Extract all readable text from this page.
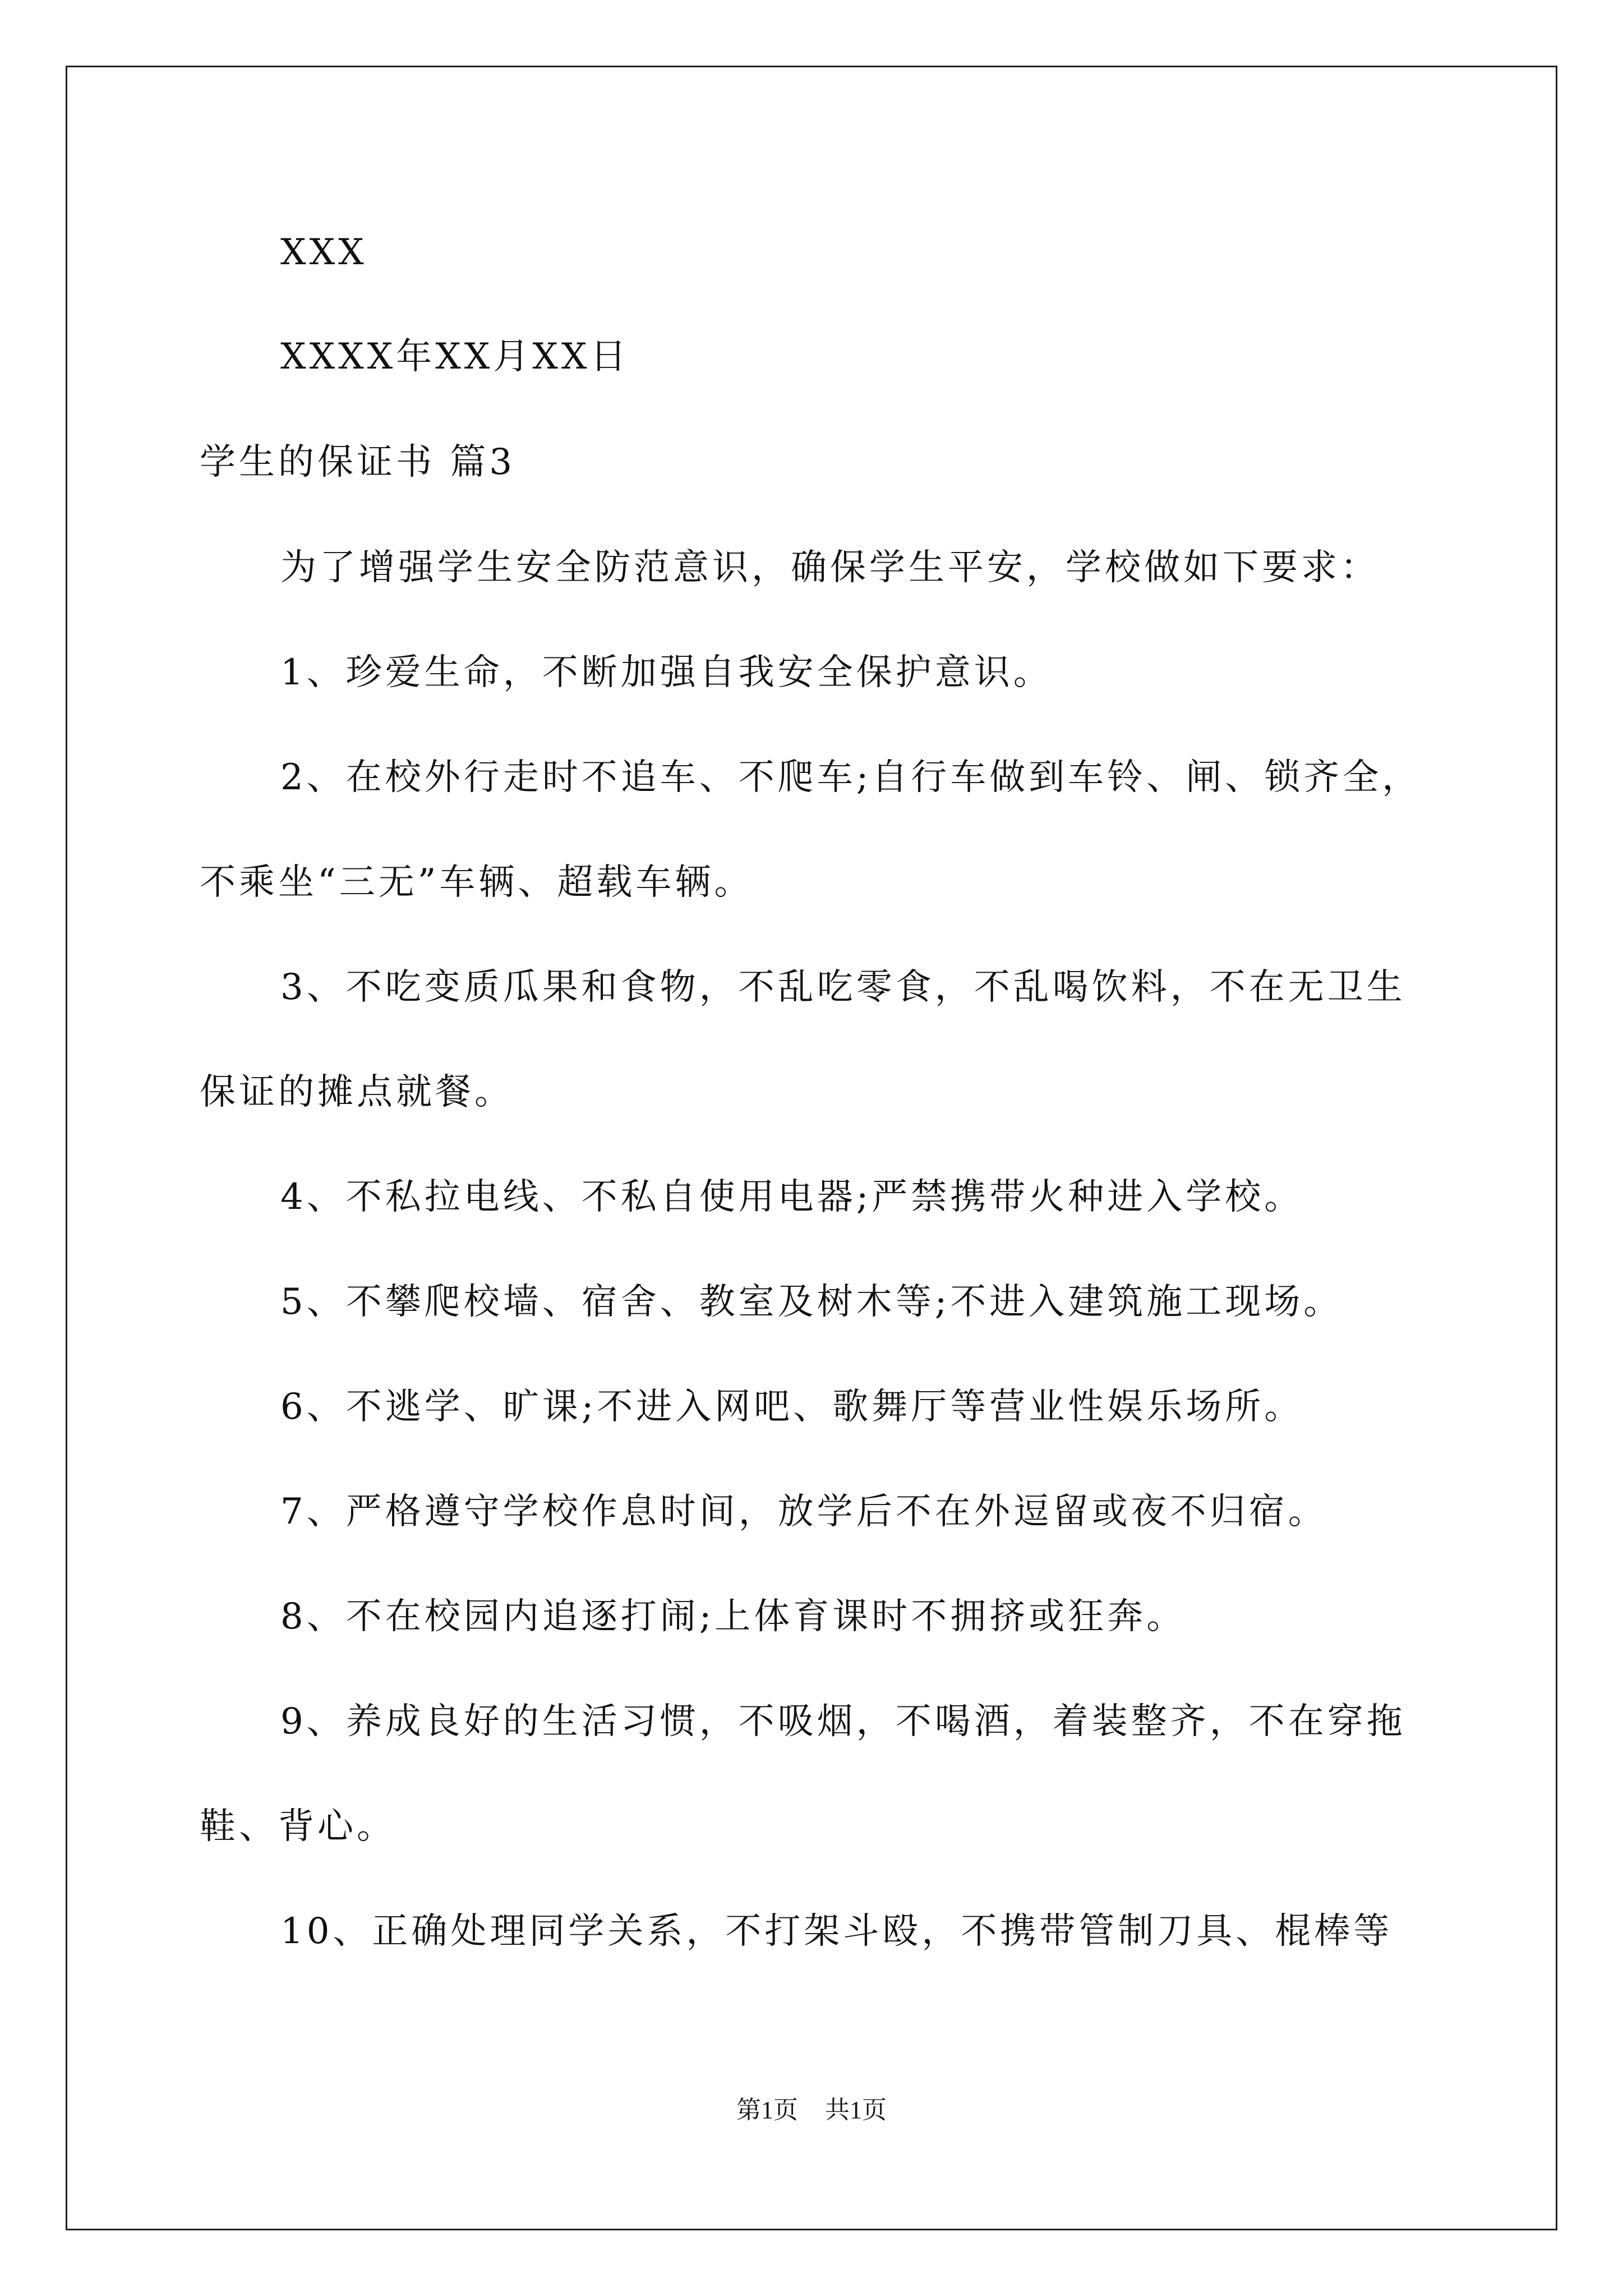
XXX
XXXX年XX月XX日
学生的保证书 篇3
为了增强学生安全防范意识，确保学生平安，学校做如下要求：
1、珍爱生命，不断加强自我安全保护意识。
2、在校外行走时不追车、不爬车;自行车做到车铃、闸、锁齐全，
不乘坐“三无”车辆、超载车辆。
3、不吃变质瓜果和食物，不乱吃零食，不乱喝饮料，不在无卫生
保证的摊点就餐。
4、不私拉电线、不私自使用电器;严禁携带火种进入学校。
5、不攀爬校墙、宿舍、教室及树木等;不进入建筑施工现场。
6、不逃学、旷课;不进入网吧、歌舞厅等营业性娱乐场所。
7、严格遵守学校作息时间，放学后不在外逗留或夜不归宿。
8、不在校园内追逐打闹;上体育课时不拥挤或狂奔。
9、养成良好的生活习惯，不吸烟，不喝酒，着装整齐，不在穿拖
鞋、背心。
10、正确处理同学关系，不打架斗殴，不携带管制刀具、棍棒等
第1页 共1页
